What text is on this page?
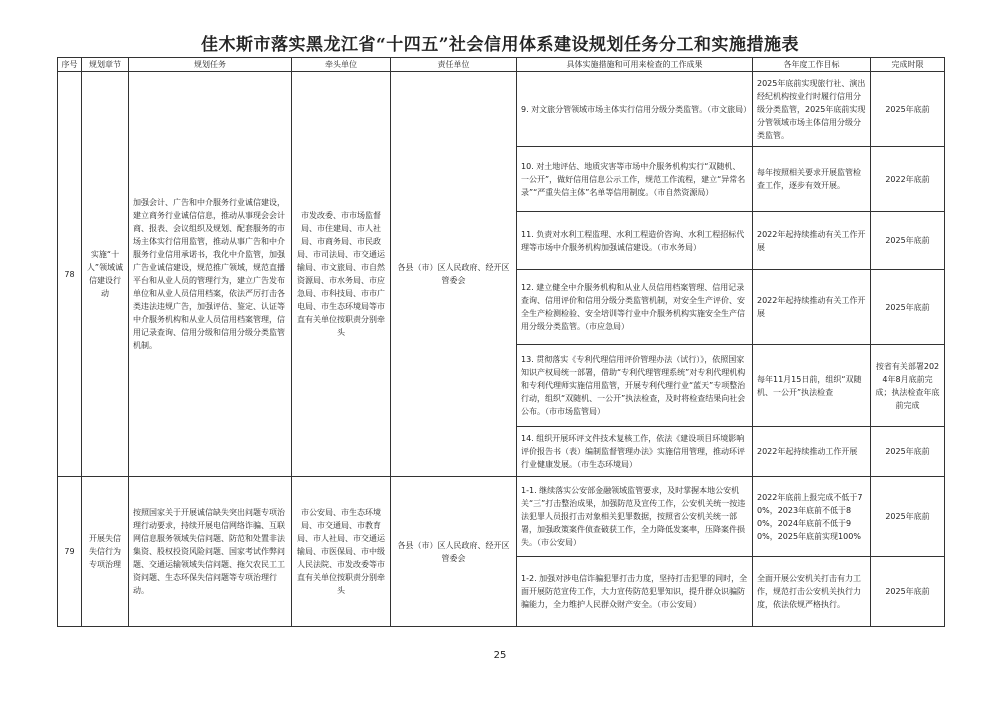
佳木斯市落实黑龙江省“十四五”社会信用体系建设规划任务分工和实施措施表
序号	规划章节	规划任务	牵头单位	责任单位	具体实施措施和可用来检查的工作成果	各年度工作目标	完成时限
78	实施“十人”领域诚信建设行动	加强会计、广告和中介服务行业诚信建设，建立商务行业诚信信息，推动从事现会会计商、报表、会议组织及规划、配套服务的市场主体实行信用监管，推动从事广告和中介服务行业信用承诺书，我化中介监管，加强广告业诚信建设，规范推广领域，规范直播平台和从业人员的管理行为，建立广告发布单位和从业人员信用档案，依法严厉打击各类违法违规广告，加强评估、鉴定、认证等中介服务机构和从业人员信用档案管理，信用记录查询、信用分级和信用分级分类监管机制。	市发改委、市市场监督局、市住建局、市人社局、市商务局、市民政局、市司法局、市交通运输局、市文旅局、市自然资源局、市水务局、市应急局、市科技局、市市广电局、市生态环境局等市直有关单位按职责分别牵头	各县（市）区人民政府、经开区管委会	9. 对文旅分管领域市场主体实行信用分级分类监管。（市文旅局）	2025年底前实现旅行社、演出经纪机构按业行时履行信用分级分类监管，2025年底前实现分管领域市场主体信用分级分类监管。	2025年底前
					10. 对土地评估、地质灾害等市场中介服务机构实行“双随机、一公开”，做好信用信息公示工作，规范工作流程，建立“异常名录”“严重失信主体”名单等信用制度。（市自然资源局）	每年按照相关要求开展监管检查工作，逐步有效开展。	2022年底前
					11. 负责对水利工程监理、水利工程造价咨询、水利工程招标代理等市场中介服务机构加强诚信建设。（市水务局）	2022年起持续推动有关工作开展	2025年底前
					12. 建立健全中介服务机构和从业人员信用档案管理、信用记录查询、信用评价和信用分级分类监管机制，对安全生产评价、安全生产检测检验、安全培训等行业中介服务机构实施安全生产信用分级分类监管。（市应急局）	2022年起持续推动有关工作开展	2025年底前
					13. 贯彻落实《专利代理信用评价管理办法（试行）》，依照国家知识产权局统一部署，借助“专利代理管理系统”对专利代理机构和专利代理师实施信用监管，开展专利代理行业“蓝天”专项整治行动，组织“双随机、一公开”执法检查，及时将检查结果向社会公布。（市市场监管局）	每年11月15日前，组织“双随机、一公开”执法检查	按省有关部署2024年8月底前完成；执法检查年底前完成
					14. 组织开展环评文件技术复核工作，依法《建设项目环境影响评价报告书（表）编制监督管理办法》实施信用管理，推动环评行业健康发展。（市生态环境局）	2022年起持续推动工作开展	2025年底前
79	开展失信失信行为专项治理	按照国家关于开展诚信缺失突出问题专项治理行动要求，持续开展电信网络诈骗、互联网信息服务领域失信问题、防范和处置非法集资、股权投资风险问题、国家考试作弊问题、交通运输领域失信问题、拖欠农民工工资问题、生态环保失信问题等专项治理行动。	市公安局、市生态环境局、市交通局、市教育局、市人社局、市交通运输局、市医保局、市中级人民法院、市发改委等市直有关单位按职责分别牵头	各县（市）区人民政府、经开区管委会	1-1. 继续落实公安部金融领域监管要求，及时掌握本地公安机关“三”打击整治成果，加强防范及宣传工作，公安机关统一按违法犯罪人员报打击对象相关犯罪数据，按照省公安机关统一部署，加强政策案件侦查破获工作，全力降低发案率，压降案件损失。（市公安局）	2022年底前上报完成不低于70%，2023年底前不低于80%，2024年底前不低于90%，2025年底前实现100%	2025年底前
					1-2. 加强对涉电信诈骗犯罪打击力度，坚持打击犯罪的同时，全面开展防范宣传工作，大力宣传防范犯罪知识，提升群众识骗防骗能力，全力维护人民群众财产安全。（市公安局）	全面开展公安机关打击有力工作，规范打击公安机关执行力度，依法依规严格执行。	2025年底前
25
